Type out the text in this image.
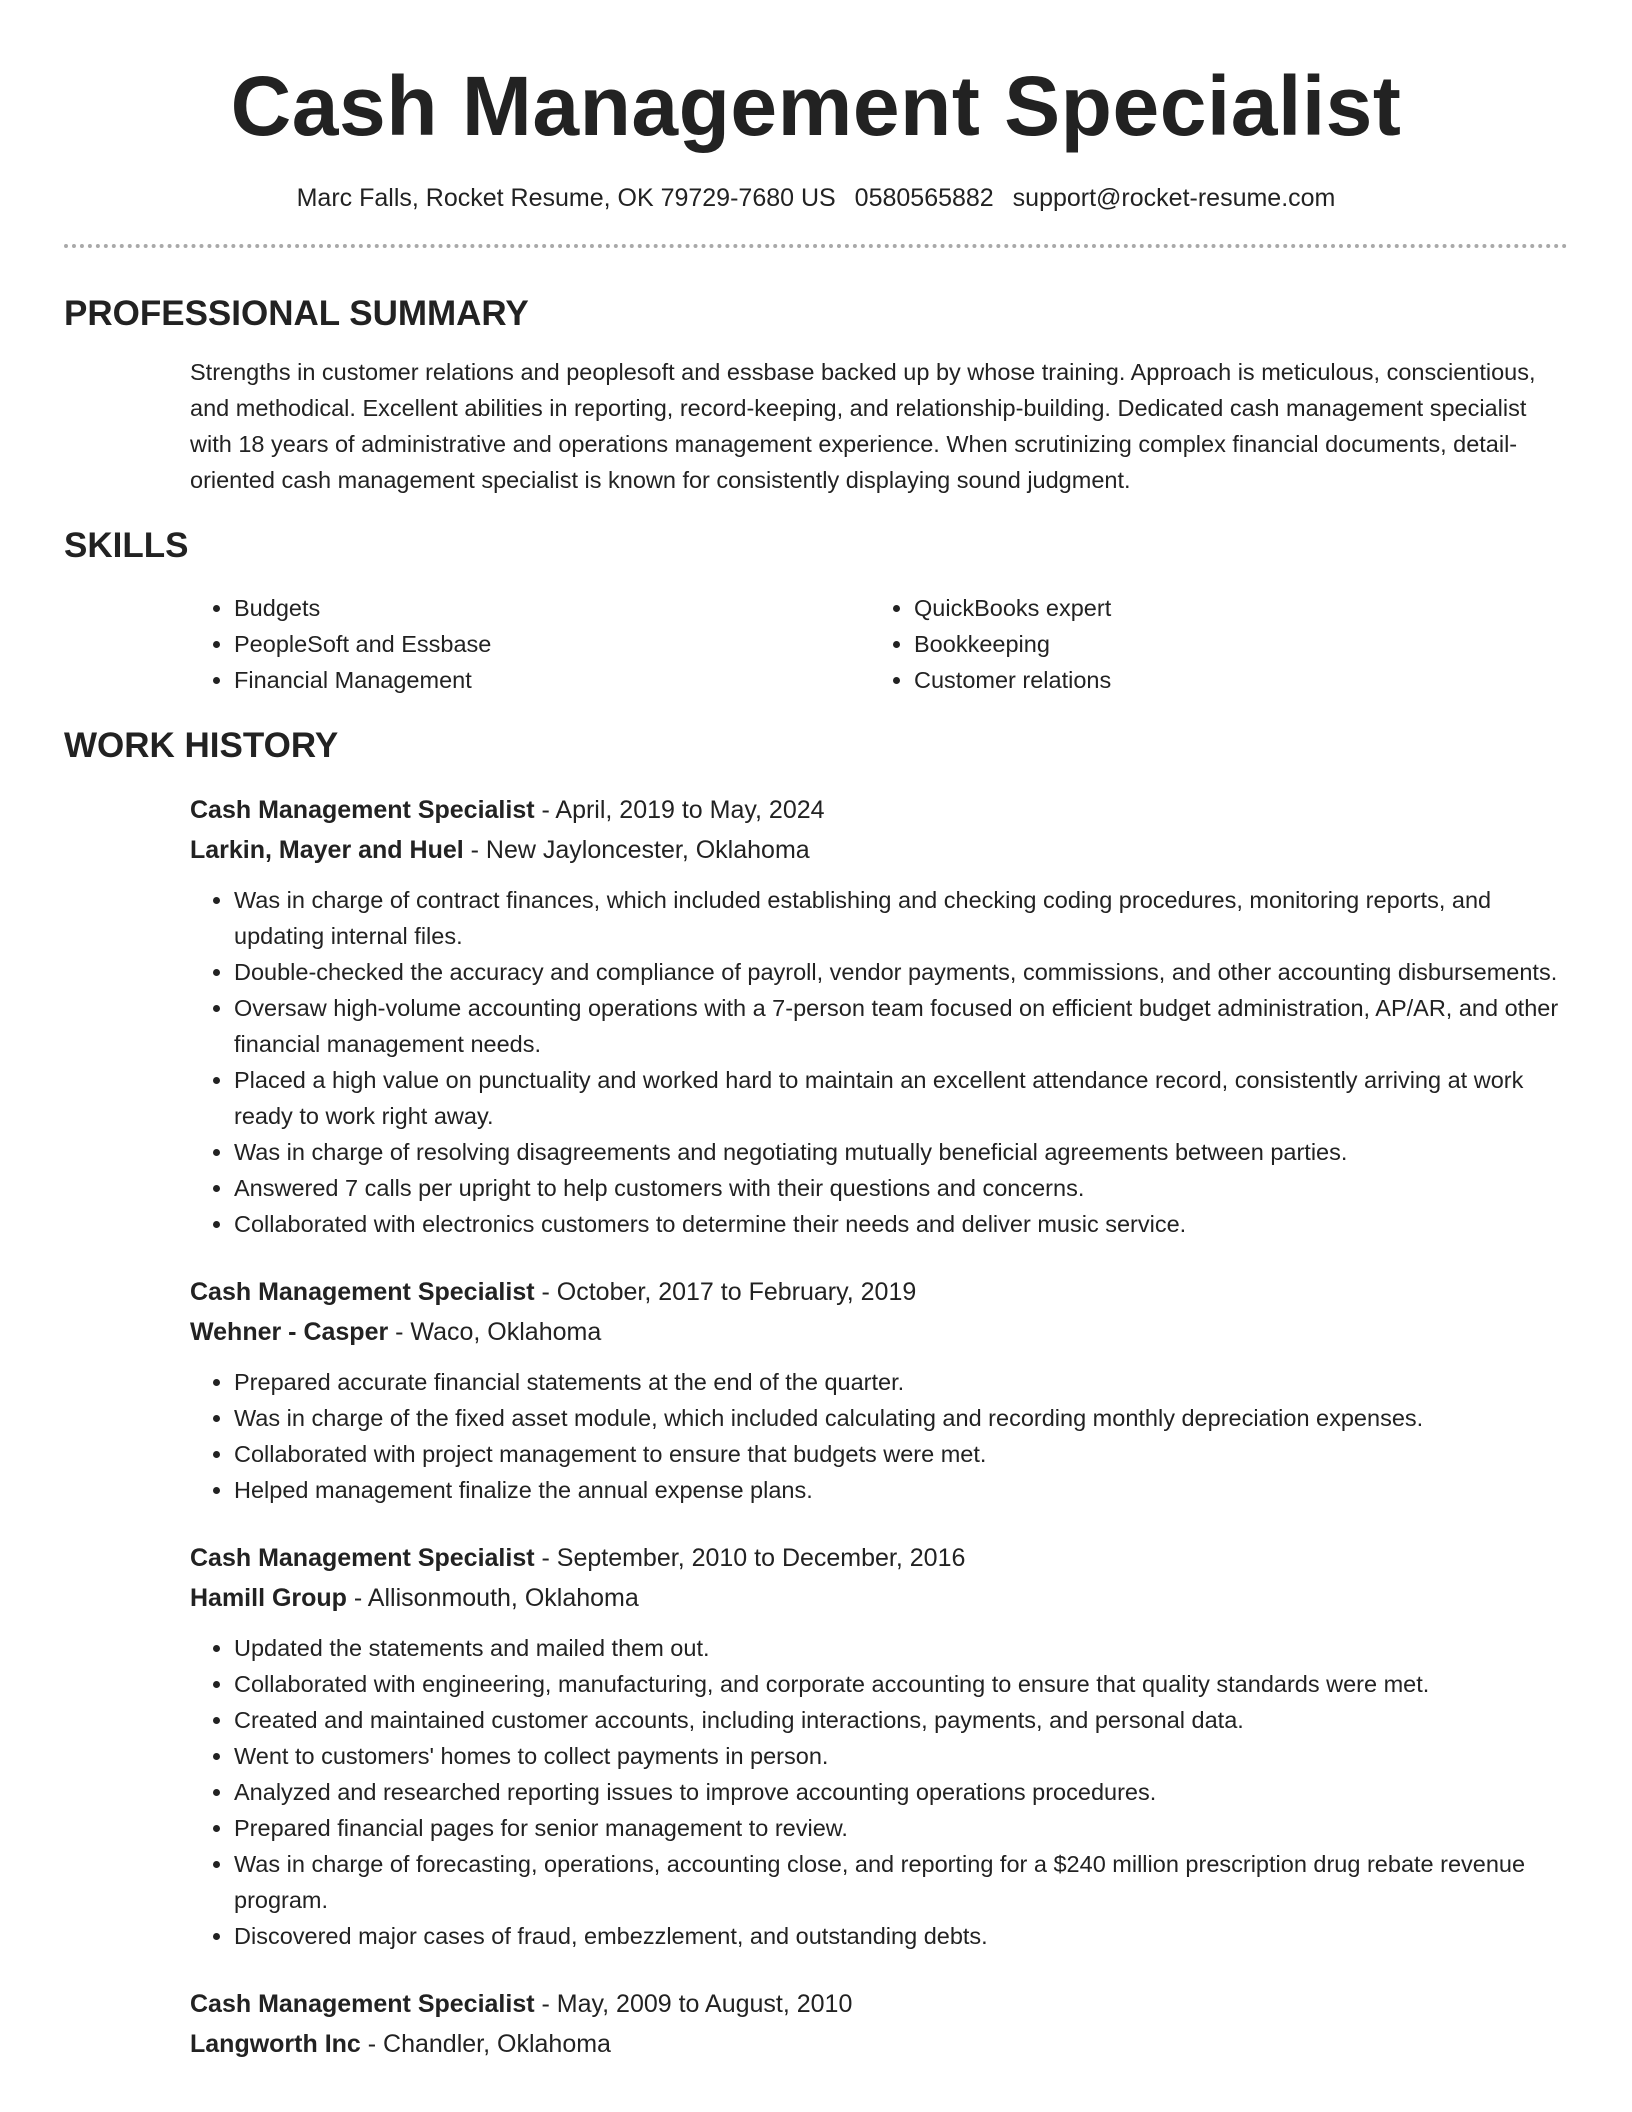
Cash Management Specialist
Marc Falls, Rocket Resume, OK 79729-7680 US 0580565882 support@rocket-resume.com
PROFESSIONAL SUMMARY
Strengths in customer relations and peoplesoft and essbase backed up by whose training. Approach is meticulous, conscientious, and methodical. Excellent abilities in reporting, record-keeping, and relationship-building. Dedicated cash management specialist with 18 years of administrative and operations management experience. When scrutinizing complex financial documents, detail-oriented cash management specialist is known for consistently displaying sound judgment.
SKILLS
• Budgets
• PeopleSoft and Essbase
• Financial Management
• QuickBooks expert
• Bookkeeping
• Customer relations
WORK HISTORY
Cash Management Specialist - April, 2019 to May, 2024
Larkin, Mayer and Huel - New Jayloncester, Oklahoma
• Was in charge of contract finances, which included establishing and checking coding procedures, monitoring reports, and updating internal files.
• Double-checked the accuracy and compliance of payroll, vendor payments, commissions, and other accounting disbursements.
• Oversaw high-volume accounting operations with a 7-person team focused on efficient budget administration, AP/AR, and other financial management needs.
• Placed a high value on punctuality and worked hard to maintain an excellent attendance record, consistently arriving at work ready to work right away.
• Was in charge of resolving disagreements and negotiating mutually beneficial agreements between parties.
• Answered 7 calls per upright to help customers with their questions and concerns.
• Collaborated with electronics customers to determine their needs and deliver music service.
Cash Management Specialist - October, 2017 to February, 2019
Wehner - Casper - Waco, Oklahoma
• Prepared accurate financial statements at the end of the quarter.
• Was in charge of the fixed asset module, which included calculating and recording monthly depreciation expenses.
• Collaborated with project management to ensure that budgets were met.
• Helped management finalize the annual expense plans.
Cash Management Specialist - September, 2010 to December, 2016
Hamill Group - Allisonmouth, Oklahoma
• Updated the statements and mailed them out.
• Collaborated with engineering, manufacturing, and corporate accounting to ensure that quality standards were met.
• Created and maintained customer accounts, including interactions, payments, and personal data.
• Went to customers' homes to collect payments in person.
• Analyzed and researched reporting issues to improve accounting operations procedures.
• Prepared financial pages for senior management to review.
• Was in charge of forecasting, operations, accounting close, and reporting for a $240 million prescription drug rebate revenue program.
• Discovered major cases of fraud, embezzlement, and outstanding debts.
Cash Management Specialist - May, 2009 to August, 2010
Langworth Inc - Chandler, Oklahoma
